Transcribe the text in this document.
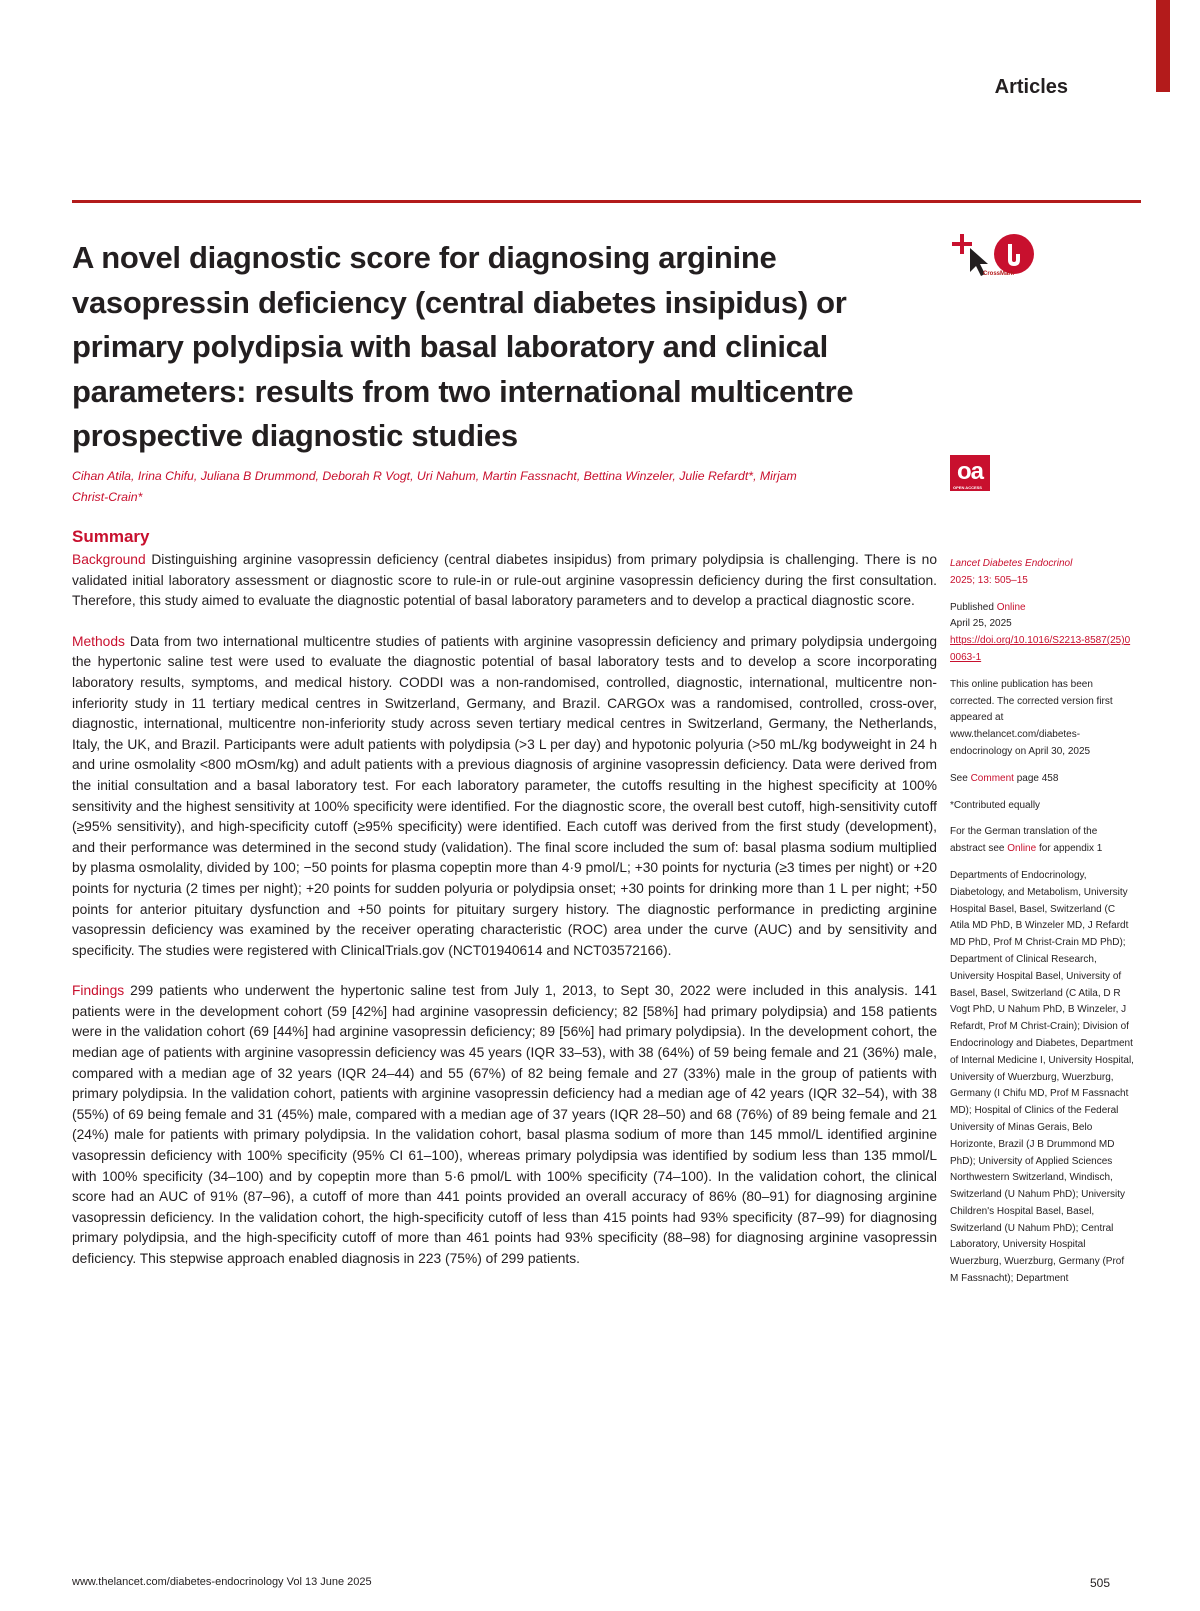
Articles
A novel diagnostic score for diagnosing arginine vasopressin deficiency (central diabetes insipidus) or primary polydipsia with basal laboratory and clinical parameters: results from two international multicentre prospective diagnostic studies
CrossMark
oa
OPEN ACCESS

Cihan Atila, Irina Chifu, Juliana B Drummond, Deborah R Vogt, Uri Nahum, Martin Fassnacht, Bettina Winzeler, Julie Refardt*, Mirjam Christ-Crain*

Summary

Background Distinguishing arginine vasopressin deficiency (central diabetes insipidus) from primary polydipsia is challenging. There is no validated initial laboratory assessment or diagnostic score to rule-in or rule-out arginine vasopressin deficiency during the first consultation. Therefore, this study aimed to evaluate the diagnostic potential of basal laboratory parameters and to develop a practical diagnostic score.

Methods Data from two international multicentre studies of patients with arginine vasopressin deficiency and primary polydipsia undergoing the hypertonic saline test were used to evaluate the diagnostic potential of basal laboratory tests and to develop a score incorporating laboratory results, symptoms, and medical history. CODDI was a non-randomised, controlled, diagnostic, international, multicentre non-inferiority study in 11 tertiary medical centres in Switzerland, Germany, and Brazil. CARGOx was a randomised, controlled, cross-over, diagnostic, international, multicentre non-inferiority study across seven tertiary medical centres in Switzerland, Germany, the Netherlands, Italy, the UK, and Brazil. Participants were adult patients with polydipsia (>3 L per day) and hypotonic polyuria (>50 mL/kg bodyweight in 24 h and urine osmolality <800 mOsm/kg) and adult patients with a previous diagnosis of arginine vasopressin deficiency. Data were derived from the initial consultation and a basal laboratory test. For each laboratory parameter, the cutoffs resulting in the highest specificity at 100% sensitivity and the highest sensitivity at 100% specificity were identified. For the diagnostic score, the overall best cutoff, high-sensitivity cutoff (≥95% sensitivity), and high-specificity cutoff (≥95% specificity) were identified. Each cutoff was derived from the first study (development), and their performance was determined in the second study (validation). The final score included the sum of: basal plasma sodium multiplied by plasma osmolality, divided by 100; −50 points for plasma copeptin more than 4·9 pmol/L; +30 points for nycturia (≥3 times per night) or +20 points for nycturia (2 times per night); +20 points for sudden polyuria or polydipsia onset; +30 points for drinking more than 1 L per night; +50 points for anterior pituitary dysfunction and +50 points for pituitary surgery history. The diagnostic performance in predicting arginine vasopressin deficiency was examined by the receiver operating characteristic (ROC) area under the curve (AUC) and by sensitivity and specificity. The studies were registered with ClinicalTrials.gov (NCT01940614 and NCT03572166).

Findings 299 patients who underwent the hypertonic saline test from July 1, 2013, to Sept 30, 2022 were included in this analysis. 141 patients were in the development cohort (59 [42%] had arginine vasopressin deficiency; 82 [58%] had primary polydipsia) and 158 patients were in the validation cohort (69 [44%] had arginine vasopressin deficiency; 89 [56%] had primary polydipsia). In the development cohort, the median age of patients with arginine vasopressin deficiency was 45 years (IQR 33–53), with 38 (64%) of 59 being female and 21 (36%) male, compared with a median age of 32 years (IQR 24–44) and 55 (67%) of 82 being female and 27 (33%) male in the group of patients with primary polydipsia. In the validation cohort, patients with arginine vasopressin deficiency had a median age of 42 years (IQR 32–54), with 38 (55%) of 69 being female and 31 (45%) male, compared with a median age of 37 years (IQR 28–50) and 68 (76%) of 89 being female and 21 (24%) male for patients with primary polydipsia. In the validation cohort, basal plasma sodium of more than 145 mmol/L identified arginine vasopressin deficiency with 100% specificity (95% CI 61–100), whereas primary polydipsia was identified by sodium less than 135 mmol/L with 100% specificity (34–100) and by copeptin more than 5·6 pmol/L with 100% specificity (74–100). In the validation cohort, the clinical score had an AUC of 91% (87–96), a cutoff of more than 441 points provided an overall accuracy of 86% (80–91) for diagnosing arginine vasopressin deficiency. In the validation cohort, the high-specificity cutoff of less than 415 points had 93% specificity (87–99) for diagnosing primary polydipsia, and the high-specificity cutoff of more than 461 points had 93% specificity (88–98) for diagnosing arginine vasopressin deficiency. This stepwise approach enabled diagnosis in 223 (75%) of 299 patients.

Lancet Diabetes Endocrinol
2025; 13: 505–15
Published Online
April 25, 2025
https://doi.org/10.1016/S2213-8587(25)00063-1
This online publication has been corrected. The corrected version first appeared at www.thelancet.com/diabetes-endocrinology on April 30, 2025
See Comment page 458
*Contributed equally
For the German translation of the abstract see Online for appendix 1
Departments of Endocrinology, Diabetology, and Metabolism, University Hospital Basel, Basel, Switzerland (C Atila MD PhD, B Winzeler MD, J Refardt MD PhD, Prof M Christ-Crain MD PhD); Department of Clinical Research, University Hospital Basel, University of Basel, Basel, Switzerland (C Atila, D R Vogt PhD, U Nahum PhD, B Winzeler, J Refardt, Prof M Christ-Crain); Division of Endocrinology and Diabetes, Department of Internal Medicine I, University Hospital, University of Wuerzburg, Wuerzburg, Germany (I Chifu MD, Prof M Fassnacht MD); Hospital of Clinics of the Federal University of Minas Gerais, Belo Horizonte, Brazil (J B Drummond MD PhD); University of Applied Sciences Northwestern Switzerland, Windisch, Switzerland (U Nahum PhD); University Children's Hospital Basel, Basel, Switzerland (U Nahum PhD); Central Laboratory, University Hospital Wuerzburg, Wuerzburg, Germany (Prof M Fassnacht); Department
www.thelancet.com/diabetes-endocrinology Vol 13 June 2025	505
